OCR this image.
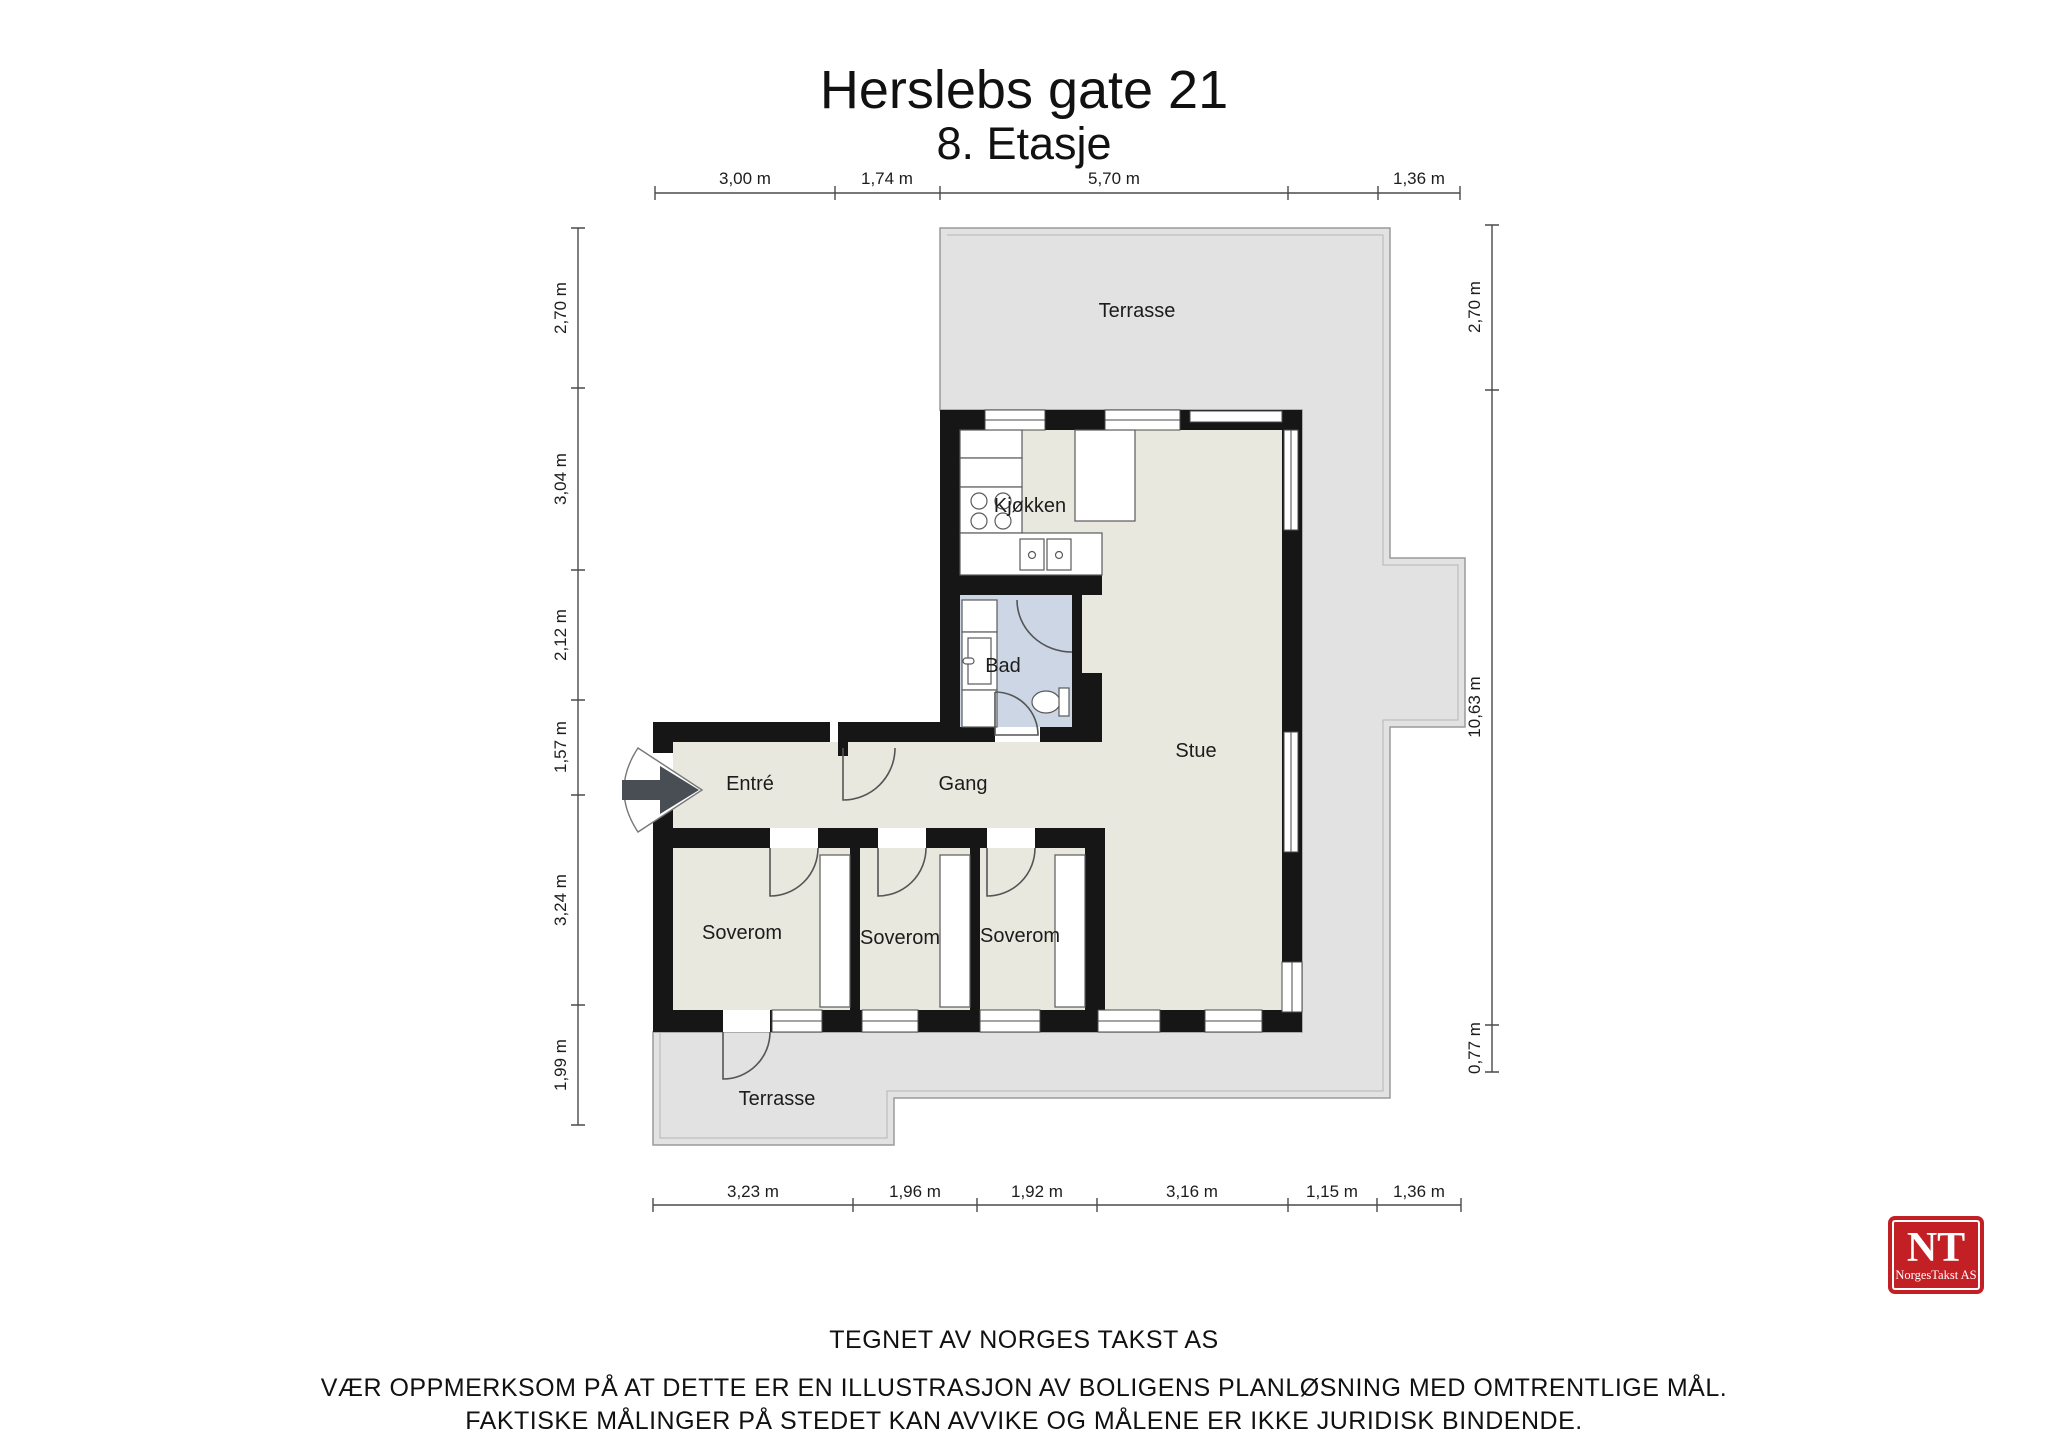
Herslebs gate 21
8. Etasje
3,00 m	1,74 m	5,70 m	1,36 m
3,23 m	1,96 m	1,92 m	3,16 m	1,15 m 1,36 m
2,70 m
3,04 m
2,12 m
1,57 m
3,24 m
1,99 m
2,70 m
10,63 m
0,77 m
Terrasse
Kjøkken
Bad
Stue
Entré	Gang
Soverom	Soverom Soverom
Terrasse
TEGNET AV NORGES TAKST AS
VÆR OPPMERKSOM PÅ AT DETTE ER EN ILLUSTRASJON AV BOLIGENS PLANLØSNING MED OMTRENTLIGE MÅL.
FAKTISKE MÅLINGER PÅ STEDET KAN AVVIKE OG MÅLENE ER IKKE JURIDISK BINDENDE.
NT
NorgesTakst AS
